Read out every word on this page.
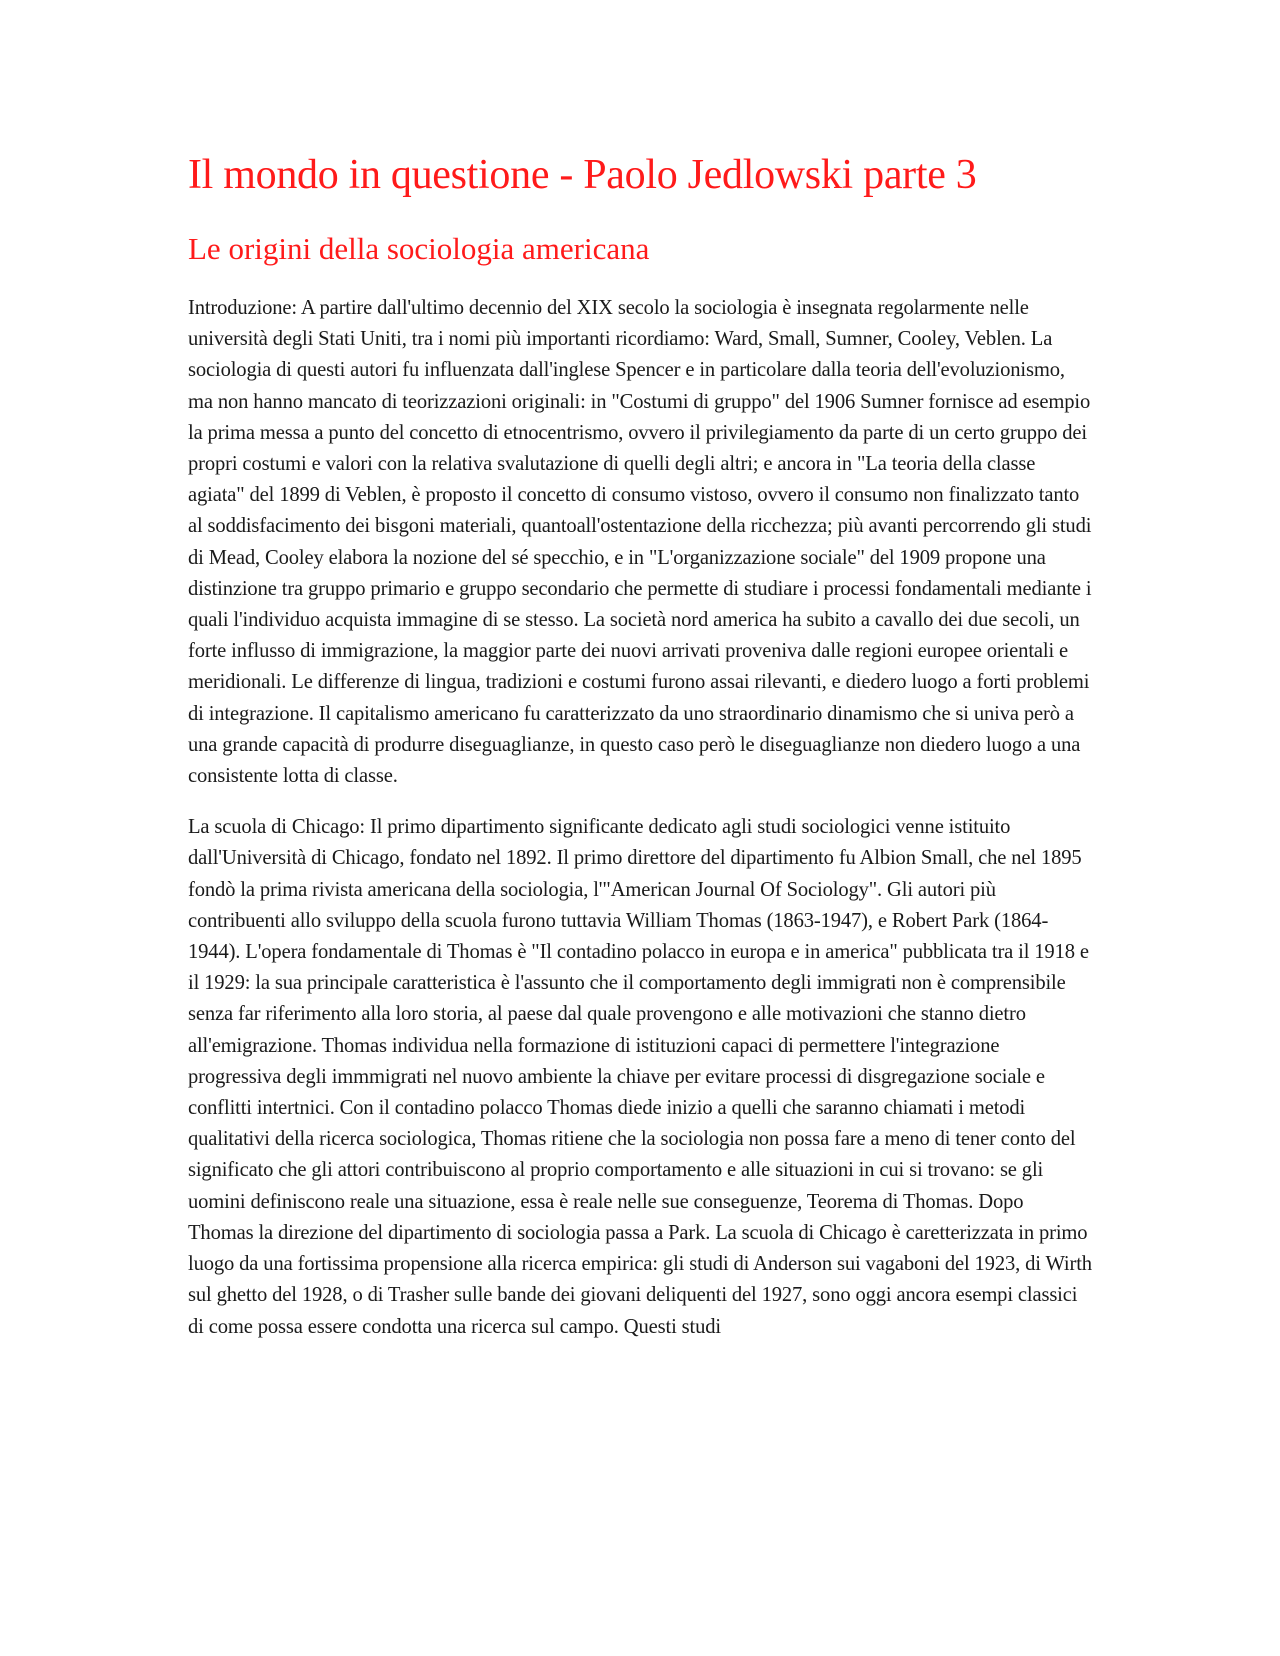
Il mondo in questione - Paolo Jedlowski parte 3
Le origini della sociologia americana

Introduzione: A partire dall'ultimo decennio del XIX secolo la sociologia è insegnata regolarmente nelle università degli Stati Uniti, tra i nomi più importanti ricordiamo: Ward, Small, Sumner, Cooley, Veblen. La sociologia di questi autori fu influenzata dall'inglese Spencer e in particolare dalla teoria dell'evoluzionismo, ma non hanno mancato di teorizzazioni originali: in "Costumi di gruppo" del 1906 Sumner fornisce ad esempio la prima messa a punto del concetto di etnocentrismo, ovvero il privilegiamento da parte di un certo gruppo dei propri costumi e valori con la relativa svalutazione di quelli degli altri; e ancora in "La teoria della classe agiata" del 1899 di Veblen, è proposto il concetto di consumo vistoso, ovvero il consumo non finalizzato tanto al soddisfacimento dei bisgoni materiali, quantoall'ostentazione della ricchezza; più avanti percorrendo gli studi di Mead, Cooley elabora la nozione del sé specchio, e in "L'organizzazione sociale" del 1909 propone una distinzione tra gruppo primario e gruppo secondario che permette di studiare i processi fondamentali mediante i quali l'individuo acquista immagine di se stesso. La società nord america ha subito a cavallo dei due secoli, un forte influsso di immigrazione, la maggior parte dei nuovi arrivati proveniva dalle regioni europee orientali e meridionali. Le differenze di lingua, tradizioni e costumi furono assai rilevanti, e diedero luogo a forti problemi di integrazione. Il capitalismo americano fu caratterizzato da uno straordinario dinamismo che si univa però a una grande capacità di produrre diseguaglianze, in questo caso però le diseguaglianze non diedero luogo a una consistente lotta di classe.

La scuola di Chicago: Il primo dipartimento significante dedicato agli studi sociologici venne istituito dall'Università di Chicago, fondato nel 1892. Il primo direttore del dipartimento fu Albion Small, che nel 1895 fondò la prima rivista americana della sociologia, l'"American Journal Of Sociology". Gli autori più contribuenti allo sviluppo della scuola furono tuttavia William Thomas (1863-1947), e Robert Park (1864-1944). L'opera fondamentale di Thomas è "Il contadino polacco in europa e in america" pubblicata tra il 1918 e il 1929: la sua principale caratteristica è l'assunto che il comportamento degli immigrati non è comprensibile senza far riferimento alla loro storia, al paese dal quale provengono e alle motivazioni che stanno dietro all'emigrazione. Thomas individua nella formazione di istituzioni capaci di permettere l'integrazione progressiva degli immmigrati nel nuovo ambiente la chiave per evitare processi di disgregazione sociale e conflitti intertnici. Con il contadino polacco Thomas diede inizio a quelli che saranno chiamati i metodi qualitativi della ricerca sociologica, Thomas ritiene che la sociologia non possa fare a meno di tener conto del significato che gli attori contribuiscono al proprio comportamento e alle situazioni in cui si trovano: se gli uomini definiscono reale una situazione, essa è reale nelle sue conseguenze, Teorema di Thomas. Dopo Thomas la direzione del dipartimento di sociologia passa a Park. La scuola di Chicago è caretterizzata in primo luogo da una fortissima propensione alla ricerca empirica: gli studi di Anderson sui vagaboni del 1923, di Wirth sul ghetto del 1928, o di Trasher sulle bande dei giovani deliquenti del 1927, sono oggi ancora esempi classici di come possa essere condotta una ricerca sul campo. Questi studi
